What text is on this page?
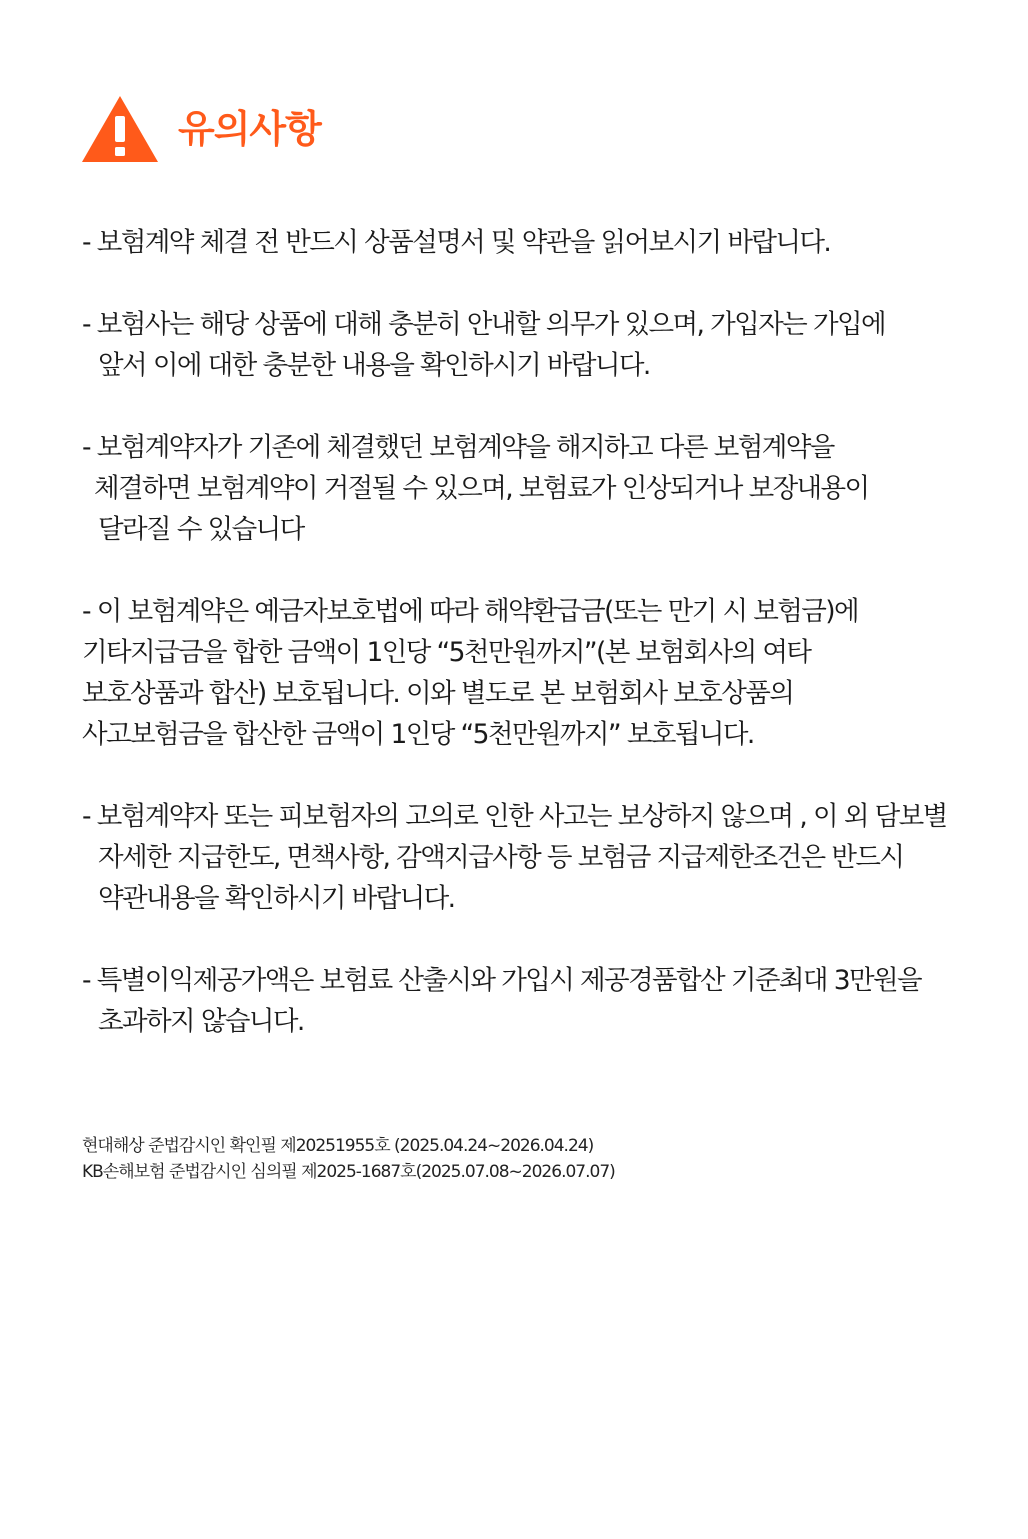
유의사항
- 보험계약 체결 전 반드시 상품설명서 및 약관을 읽어보시기 바랍니다.
- 보험사는 해당 상품에 대해 충분히 안내할 의무가 있으며, 가입자는 가입에
앞서 이에 대한 충분한 내용을 확인하시기 바랍니다.
- 보험계약자가 기존에 체결했던 보험계약을 해지하고 다른 보험계약을
체결하면 보험계약이 거절될 수 있으며, 보험료가 인상되거나 보장내용이
달라질 수 있습니다
- 이 보험계약은 예금자보호법에 따라 해약환급금(또는 만기 시 보험금)에
기타지급금을 합한 금액이 1인당 “5천만원까지”(본 보험회사의 여타
보호상품과 합산) 보호됩니다. 이와 별도로 본 보험회사 보호상품의
사고보험금을 합산한 금액이 1인당 “5천만원까지” 보호됩니다.
- 보험계약자 또는 피보험자의 고의로 인한 사고는 보상하지 않으며 , 이 외 담보별
자세한 지급한도, 면책사항, 감액지급사항 등 보험금 지급제한조건은 반드시
약관내용을 확인하시기 바랍니다.
- 특별이익제공가액은 보험료 산출시와 가입시 제공경품합산 기준최대 3만원을
초과하지 않습니다.
현대해상 준법감시인 확인필 제20251955호 (2025.04.24~2026.04.24)
KB손해보험 준법감시인 심의필 제2025-1687호(2025.07.08~2026.07.07)
